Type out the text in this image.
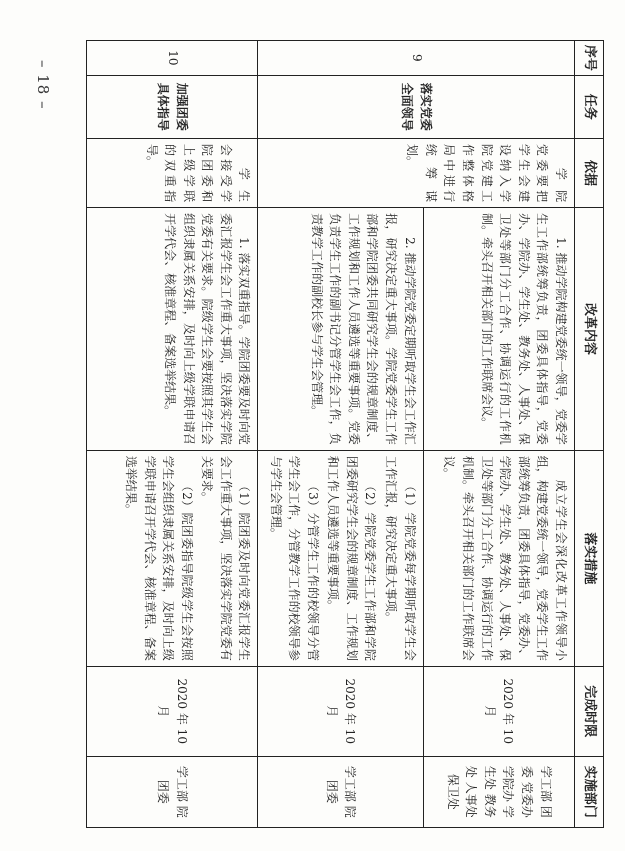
– 18 –
序号	任务	依据	改革内容	落实措施	完成时限	实施部门
9	落实党委全面领导	学院党委要把学生会建设纳入学院党建工作整体格局中进行统筹谋划。	1. 推动学院构建党委统一领导，党委学生工作部统筹负责，团委具体指导，党委办、学院办、学生处、教务处、人事处、保卫处等部门分工合作、协调运行的工作机制。牵头召开相关部门的工作联席会议。	成立学生会深化改革工作领导小组，构建党委统一领导，党委学生工作部统筹负责，团委具体指导，党委办、学院办、学生处、教务处、人事处、保卫处等部门分工合作、协调运行的工作机制。牵头召开相关部门的工作联席会议。	2020 年 10 月	学工部 团委 党委办 学院办 学生处 教务处 人事处 保卫处

			2. 推动学院党委定期听取学生会工作汇报，研究决定重大事项。学院党委学生工作部和学院团委共同研究学生会的规章制度、工作规划和工作人员遴选等重要事项。党委负责学生工作的副书记分管学生会工作，负责教学工作的副校长参与学生会管理。	（1）学院党委每学期听取学生会工作汇报，研究决定重大事项。

（2）学院党委学生工作部和学院团委研究学生会的规章制度、工作规划和工作人员遴选等重要事项。

（3）分管学生工作的校领导分管学生会工作，分管教学工作的校领导参与学生会管理。	2020 年 10 月	学工部 院团委
10	加强团委具体指导	学生会接受学院团委和上级学联的双重指导。	1. 落实双重指导。学院团委要及时向党委汇报学生会工作重大事项，坚决落实学院党委有关要求。院级学生会要按照其学生会组织隶属关系安排，及时向上级学联申请召开学代会、核准章程、备案选举结果。	（1）院团委及时向党委汇报学生会工作重大事项，坚决落实学院党委有关要求。

（2）院团委指导院级学生会按照学生会组织隶属关系安排，及时向上级学联申请召开学代会、核准章程、备案选举结果。	2020 年 10 月	学工部 院团委
